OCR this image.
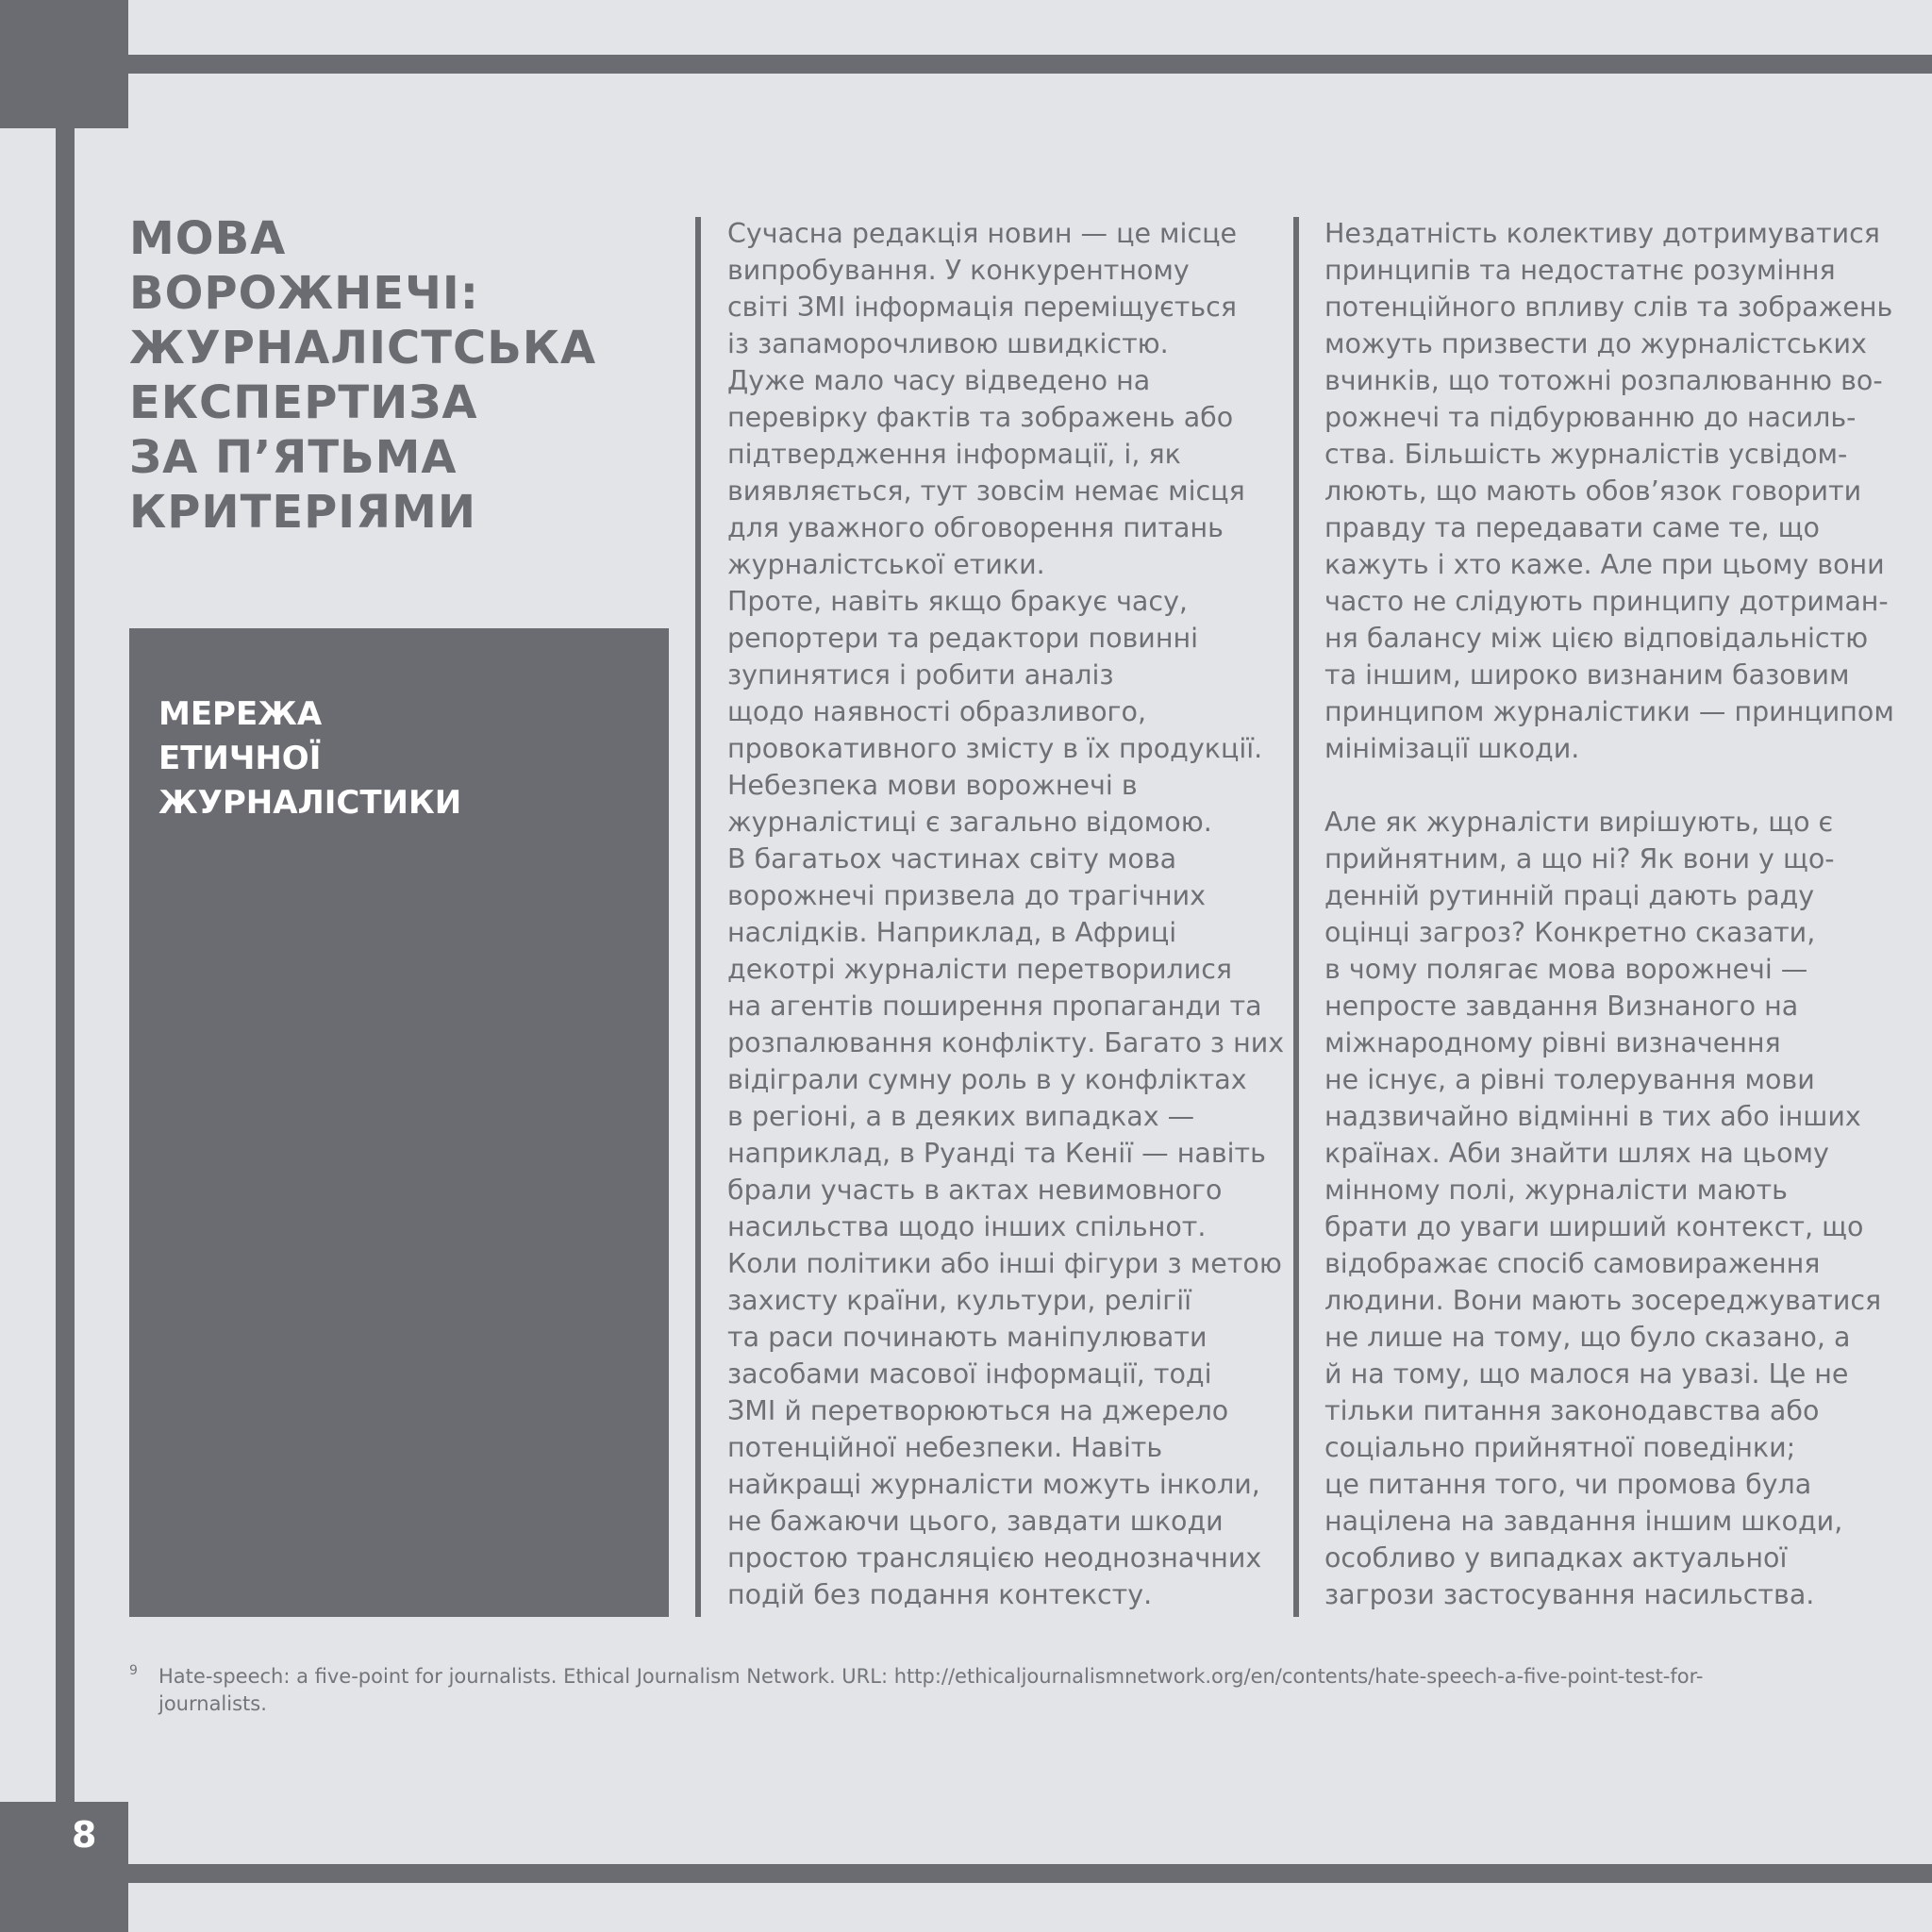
8
МОВА
ВОРОЖНЕЧІ:
ЖУРНАЛІСТСЬКА
ЕКСПЕРТИЗА
ЗА П’ЯТЬМА
КРИТЕРІЯМИ

МЕРЕЖА
ЕТИЧНОЇ
ЖУРНАЛІСТИКИ

Сучасна редакція новин — це місце
випробування. У конкурентному
світі ЗМІ інформація переміщується
із запаморочливою швидкістю.
Дуже мало часу відведено на
перевірку фактів та зображень або
підтвердження інформації, і, як
виявляється, тут зовсім немає місця
для уважного обговорення питань
журналістської етики.
Проте, навіть якщо бракує часу,
репортери та редактори повинні
зупинятися і робити аналіз
щодо наявності образливого,
провокативного змісту в їх продукції.
Небезпека мови ворожнечі в
журналістиці є загально відомою.
В багатьох частинах світу мова
ворожнечі призвела до трагічних
наслідків. Наприклад, в Африці
декотрі журналісти перетворилися
на агентів поширення пропаганди та
розпалювання конфлікту. Багато з них
відіграли сумну роль в у конфліктах
в регіоні, а в деяких випадках —
наприклад, в Руанді та Кенії — навіть
брали участь в актах невимовного
насильства щодо інших спільнот.
Коли політики або інші фігури з метою
захисту країни, культури, релігії
та раси починають маніпулювати
засобами масової інформації, тоді
ЗМІ й перетворюються на джерело
потенційної небезпеки. Навіть
найкращі журналісти можуть інколи,
не бажаючи цього, завдати шкоди
простою трансляцією неоднозначних
подій без подання контексту.
Нездатність колективу дотримуватися
принципів та недостатнє розуміння
потенційного впливу слів та зображень
можуть призвести до журналістських
вчинків, що тотожні розпалюванню во-
рожнечі та підбурюванню до насиль-
ства. Більшість журналістів усвідом-
люють, що мають обов’язок говорити
правду та передавати саме те, що
кажуть і хто каже. Але при цьому вони
часто не слідують принципу дотриман-
ня балансу між цією відповідальністю
та іншим, широко визнаним базовим
принципом журналістики — принципом
мінімізації шкоди.
Але як журналісти вирішують, що є
прийнятним, а що ні? Як вони у що-
денній рутинній праці дають раду
оцінці загроз? Конкретно сказати,
в чому полягає мова ворожнечі —
непросте завдання Визнаного на
міжнародному рівні визначення
не існує, а рівні толерування мови
надзвичайно відмінні в тих або інших
країнах. Аби знайти шлях на цьому
мінному полі, журналісти мають
брати до уваги ширший контекст, що
відображає спосіб самовираження
людини. Вони мають зосереджуватися
не лише на тому, що було сказано, а
й на тому, що малося на увазі. Це не
тільки питання законодавства або
соціально прийнятної поведінки;
це питання того, чи промова була
націлена на завдання іншим шкоди,
особливо у випадках актуальної
загрози застосування насильства.
9 Hate-speech: a five-point for journalists. Ethical Journalism Network. URL: http://ethicaljournalismnetwork.org/en/contents/hate-speech-a-five-point-test-for-
journalists.
